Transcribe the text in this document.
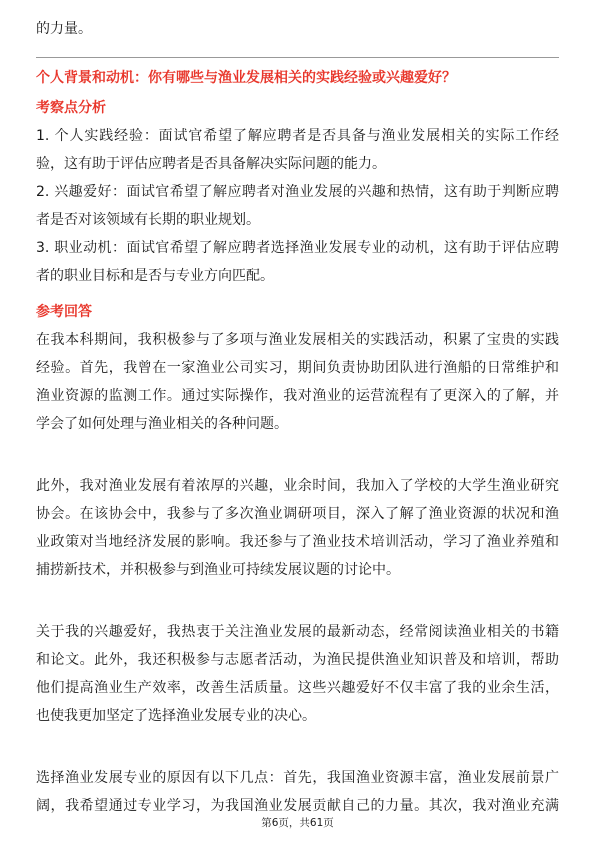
的力量。
个人背景和动机：你有哪些与渔业发展相关的实践经验或兴趣爱好？
考察点分析
1. 个人实践经验：面试官希望了解应聘者是否具备与渔业发展相关的实际工作经
验，这有助于评估应聘者是否具备解决实际问题的能力。
2. 兴趣爱好：面试官希望了解应聘者对渔业发展的兴趣和热情，这有助于判断应聘
者是否对该领域有长期的职业规划。
3. 职业动机：面试官希望了解应聘者选择渔业发展专业的动机，这有助于评估应聘
者的职业目标和是否与专业方向匹配。
参考回答
在我本科期间，我积极参与了多项与渔业发展相关的实践活动，积累了宝贵的实践
经验。首先，我曾在一家渔业公司实习，期间负责协助团队进行渔船的日常维护和
渔业资源的监测工作。通过实际操作，我对渔业的运营流程有了更深入的了解，并
学会了如何处理与渔业相关的各种问题。
此外，我对渔业发展有着浓厚的兴趣，业余时间，我加入了学校的大学生渔业研究
协会。在该协会中，我参与了多次渔业调研项目，深入了解了渔业资源的状况和渔
业政策对当地经济发展的影响。我还参与了渔业技术培训活动，学习了渔业养殖和
捕捞新技术，并积极参与到渔业可持续发展议题的讨论中。
关于我的兴趣爱好，我热衷于关注渔业发展的最新动态，经常阅读渔业相关的书籍
和论文。此外，我还积极参与志愿者活动，为渔民提供渔业知识普及和培训，帮助
他们提高渔业生产效率，改善生活质量。这些兴趣爱好不仅丰富了我的业余生活，
也使我更加坚定了选择渔业发展专业的决心。
选择渔业发展专业的原因有以下几点：首先，我国渔业资源丰富，渔业发展前景广
阔，我希望通过专业学习，为我国渔业发展贡献自己的力量。其次，我对渔业充满
第6页，共61页
